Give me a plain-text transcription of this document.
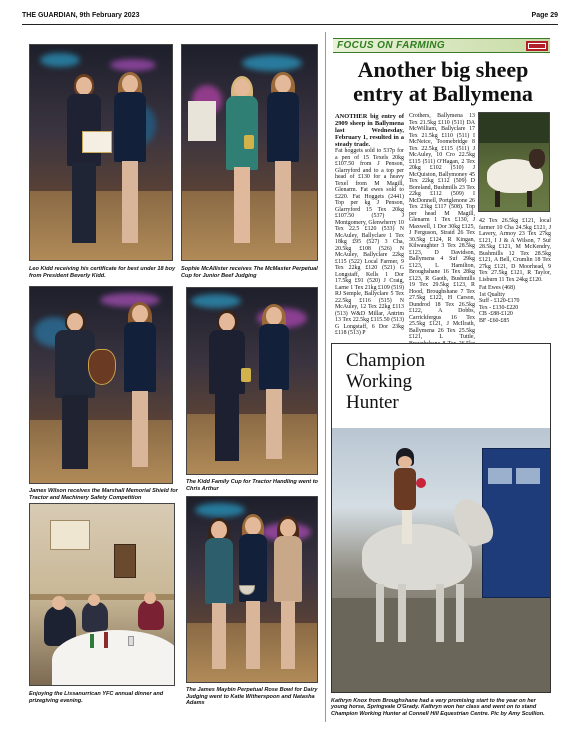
THE GUARDIAN, 9th February 2023	Page 29
Leo Kidd receiving his certificate for best under 18 boy from President Beverly Kidd.
Sophie McAllister receives The McMaster Perpetual Cup for Junior Beef Judging
James Wilson receives the Marshall Memorial Shield for Tractor and Machinery Safety Competition
The Kidd Family Cup for Tractor Handling went to Chris Arthur
Enjoying the Lissanurrican YFC annual dinner and prizegiving evening.
The James Maybin Perpetual Rose Bowl for Dairy Judging went to Katie Witherspoon and Natasha Adams
FOCUS ON FARMING
Another big sheep entry at Ballymena

ANOTHER big entry of 2909 sheep in Ballymena last Wednesday, February 1, resulted in a steady trade.

Fat hoggets sold to 537p for a pen of 15 Texels 20kg £107.50 from J Penson, Glarryford and to a top per head of £130 for a heavy Texel from M Magill, Glenarm. Fat ewes sold to £220. Fat Hoggets (2441) Top per kg J Penson, Glarryford 15 Tex 20kg £107.50 (537) J Montgomery, Glenwherry 10 Tex 22.5 £120 (533) N McAuley, Ballyclare 1 Tex 18kg £95 (527) 3 Cha, 20.5kg £108 (526) N McAuley, Ballyclare 22kg £115 (522) Local Farmer, 9 Tex 22kg £120 (521) G Longstaff, Kells 1 Dor 17.5kg £91 (520) J Craig, Larne 1 Tex 21kg £109 (519) RJ Semple, Ballyclare 5 Tex 22.5kg £116 (515) N McAuley, 12 Tex 22kg £113 (513) W&D Millar, Antrim 13 Tex 22.5kg £115.50 (513) G Longstaff, 6 Dor 23kg £118 (513) P

Crothers, Ballymena 13 Tex 21.5kg £110 (511) DA McWilliam, Ballyclare 17 Tex 21.5kg £110 (511) I McNeice, Toomebridge 8 Tex 22.5kg £115 (511) J McAuley, 10 Cro 22.5kg £115 (511) O'Hagan, 2 Tex 20kg £102 (510) J McQuiston, Ballymoney 45 Tex 22kg £112 (509) D Boreland, Bushmills 23 Tex 22kg £112 (509) I McDonnell, Portglenone 26 Tex 23kg £117 (508). Top per head M Magill, Glenarm 1 Tex £130, J Maxwell, 1 Dor 30kg £125, J Ferguson, Straid 26 Tex 30.5kg £124, R Kingan, Kilwaughter 3 Tex 28.5kg £123, D Davidson, Ballymena 4 Suf 29kg £123, L Hamilton, Broughshane 16 Tex 28kg £123, R Gaoth, Bushmills 19 Tex 29.5kg £123, R Hood, Broughshane 7 Tex 27.5kg £122, H Carson, Dundrod 18 Tex 26.5kg £122, A Dobbs, Carrickfergus 16 Tex 25.5kg £121, J McIlrath, Ballymena 26 Tex 25.5kg £121, L Tuttle,

42 Tex 26.5kg £121, local farmer 10 Cha 24.5kg £121, J Lavery, Armoy 23 Tex 27kg £121, I J & A Wilson, 7 Suf 28.5kg £121, M McKendry, Bushmills 12 Tex 28.5kg £121, A Bell, Crumlin 18 Tex 27kg £121, D Moorhead, 9 Tex 27.5kg £121, R Taylor, Lisburn 11 Tex 24kg £120.

Fat Ewes (468)

1st Quality

Suff - £120-£170

Tex - £130-£220

CB -£88-£120

BF -£60-£85

Champion
Working
Hunter
Kathryn Knox from Broughshane had a very promising start to the year on her young horse, Springvale O'Grady. Kathryn won her class and went on to stand Champion Working Hunter at Connell Hill Equestrian Centre. Pic by Amy Scullion.
